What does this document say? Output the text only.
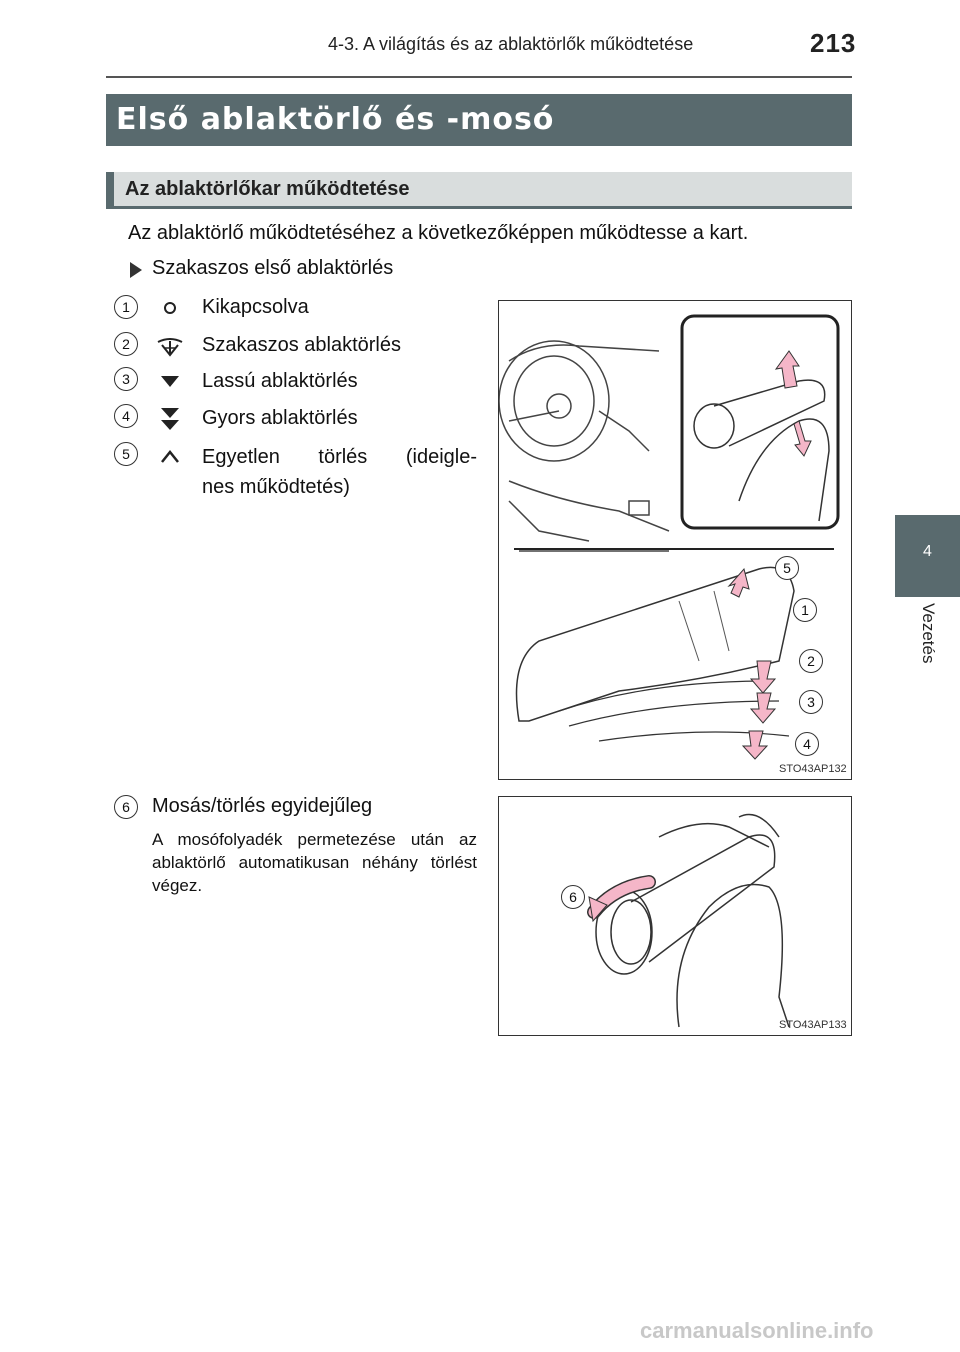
4-3. A világítás és az ablaktörlők működtetése	213
Első ablaktörlő és -mosó
Az ablaktörlőkar működtetése
Az ablaktörlő működtetéséhez a következőképpen működtesse a kart.
Szakaszos első ablaktörlés
1	Kikapcsolva
2	Szakaszos ablaktörlés
3	Lassú ablaktörlés
4	Gyors ablaktörlés
5	Egyetlen törlés (ideigle-
nes működtetés)
5
1
2
3
4
STO43AP132
6	Mosás/törlés egyidejűleg
A mosófolyadék permetezése után az ablaktörlő automatikusan néhány törlést végez.
6
STO43AP133
4
Vezetés
carmanualsonline.info
